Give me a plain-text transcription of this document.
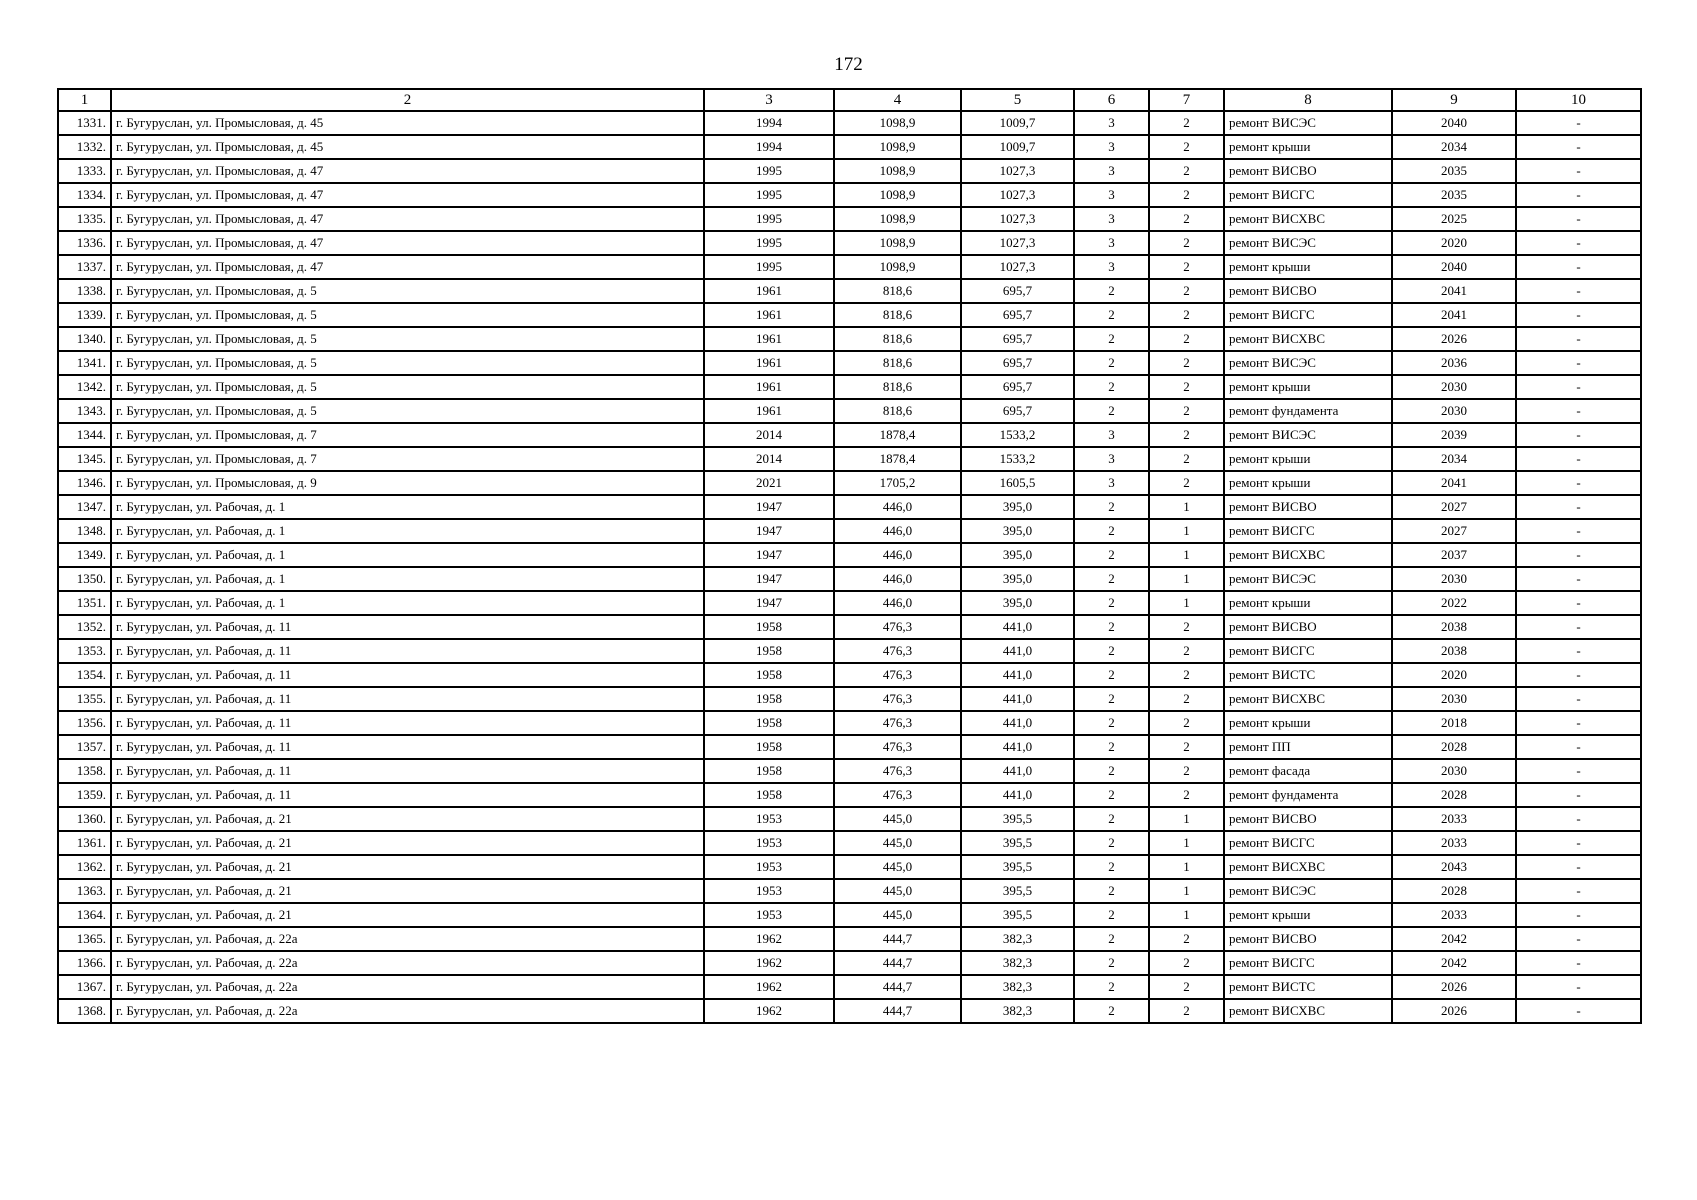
172
1	2	3	4	5	6	7	8	9	10
1331.	г. Бугуруслан, ул. Промысловая, д. 45	1994	1098,9	1009,7	3	2	ремонт ВИСЭС	2040	-
1332.	г. Бугуруслан, ул. Промысловая, д. 45	1994	1098,9	1009,7	3	2	ремонт крыши	2034	-
1333.	г. Бугуруслан, ул. Промысловая, д. 47	1995	1098,9	1027,3	3	2	ремонт ВИСВО	2035	-
1334.	г. Бугуруслан, ул. Промысловая, д. 47	1995	1098,9	1027,3	3	2	ремонт ВИСГС	2035	-
1335.	г. Бугуруслан, ул. Промысловая, д. 47	1995	1098,9	1027,3	3	2	ремонт ВИСХВС	2025	-
1336.	г. Бугуруслан, ул. Промысловая, д. 47	1995	1098,9	1027,3	3	2	ремонт ВИСЭС	2020	-
1337.	г. Бугуруслан, ул. Промысловая, д. 47	1995	1098,9	1027,3	3	2	ремонт крыши	2040	-
1338.	г. Бугуруслан, ул. Промысловая, д. 5	1961	818,6	695,7	2	2	ремонт ВИСВО	2041	-
1339.	г. Бугуруслан, ул. Промысловая, д. 5	1961	818,6	695,7	2	2	ремонт ВИСГС	2041	-
1340.	г. Бугуруслан, ул. Промысловая, д. 5	1961	818,6	695,7	2	2	ремонт ВИСХВС	2026	-
1341.	г. Бугуруслан, ул. Промысловая, д. 5	1961	818,6	695,7	2	2	ремонт ВИСЭС	2036	-
1342.	г. Бугуруслан, ул. Промысловая, д. 5	1961	818,6	695,7	2	2	ремонт крыши	2030	-
1343.	г. Бугуруслан, ул. Промысловая, д. 5	1961	818,6	695,7	2	2	ремонт фундамента	2030	-
1344.	г. Бугуруслан, ул. Промысловая, д. 7	2014	1878,4	1533,2	3	2	ремонт ВИСЭС	2039	-
1345.	г. Бугуруслан, ул. Промысловая, д. 7	2014	1878,4	1533,2	3	2	ремонт крыши	2034	-
1346.	г. Бугуруслан, ул. Промысловая, д. 9	2021	1705,2	1605,5	3	2	ремонт крыши	2041	-
1347.	г. Бугуруслан, ул. Рабочая, д. 1	1947	446,0	395,0	2	1	ремонт ВИСВО	2027	-
1348.	г. Бугуруслан, ул. Рабочая, д. 1	1947	446,0	395,0	2	1	ремонт ВИСГС	2027	-
1349.	г. Бугуруслан, ул. Рабочая, д. 1	1947	446,0	395,0	2	1	ремонт ВИСХВС	2037	-
1350.	г. Бугуруслан, ул. Рабочая, д. 1	1947	446,0	395,0	2	1	ремонт ВИСЭС	2030	-
1351.	г. Бугуруслан, ул. Рабочая, д. 1	1947	446,0	395,0	2	1	ремонт крыши	2022	-
1352.	г. Бугуруслан, ул. Рабочая, д. 11	1958	476,3	441,0	2	2	ремонт ВИСВО	2038	-
1353.	г. Бугуруслан, ул. Рабочая, д. 11	1958	476,3	441,0	2	2	ремонт ВИСГС	2038	-
1354.	г. Бугуруслан, ул. Рабочая, д. 11	1958	476,3	441,0	2	2	ремонт ВИСТС	2020	-
1355.	г. Бугуруслан, ул. Рабочая, д. 11	1958	476,3	441,0	2	2	ремонт ВИСХВС	2030	-
1356.	г. Бугуруслан, ул. Рабочая, д. 11	1958	476,3	441,0	2	2	ремонт крыши	2018	-
1357.	г. Бугуруслан, ул. Рабочая, д. 11	1958	476,3	441,0	2	2	ремонт ПП	2028	-
1358.	г. Бугуруслан, ул. Рабочая, д. 11	1958	476,3	441,0	2	2	ремонт фасада	2030	-
1359.	г. Бугуруслан, ул. Рабочая, д. 11	1958	476,3	441,0	2	2	ремонт фундамента	2028	-
1360.	г. Бугуруслан, ул. Рабочая, д. 21	1953	445,0	395,5	2	1	ремонт ВИСВО	2033	-
1361.	г. Бугуруслан, ул. Рабочая, д. 21	1953	445,0	395,5	2	1	ремонт ВИСГС	2033	-
1362.	г. Бугуруслан, ул. Рабочая, д. 21	1953	445,0	395,5	2	1	ремонт ВИСХВС	2043	-
1363.	г. Бугуруслан, ул. Рабочая, д. 21	1953	445,0	395,5	2	1	ремонт ВИСЭС	2028	-
1364.	г. Бугуруслан, ул. Рабочая, д. 21	1953	445,0	395,5	2	1	ремонт крыши	2033	-
1365.	г. Бугуруслан, ул. Рабочая, д. 22а	1962	444,7	382,3	2	2	ремонт ВИСВО	2042	-
1366.	г. Бугуруслан, ул. Рабочая, д. 22а	1962	444,7	382,3	2	2	ремонт ВИСГС	2042	-
1367.	г. Бугуруслан, ул. Рабочая, д. 22а	1962	444,7	382,3	2	2	ремонт ВИСТС	2026	-
1368.	г. Бугуруслан, ул. Рабочая, д. 22а	1962	444,7	382,3	2	2	ремонт ВИСХВС	2026	-
